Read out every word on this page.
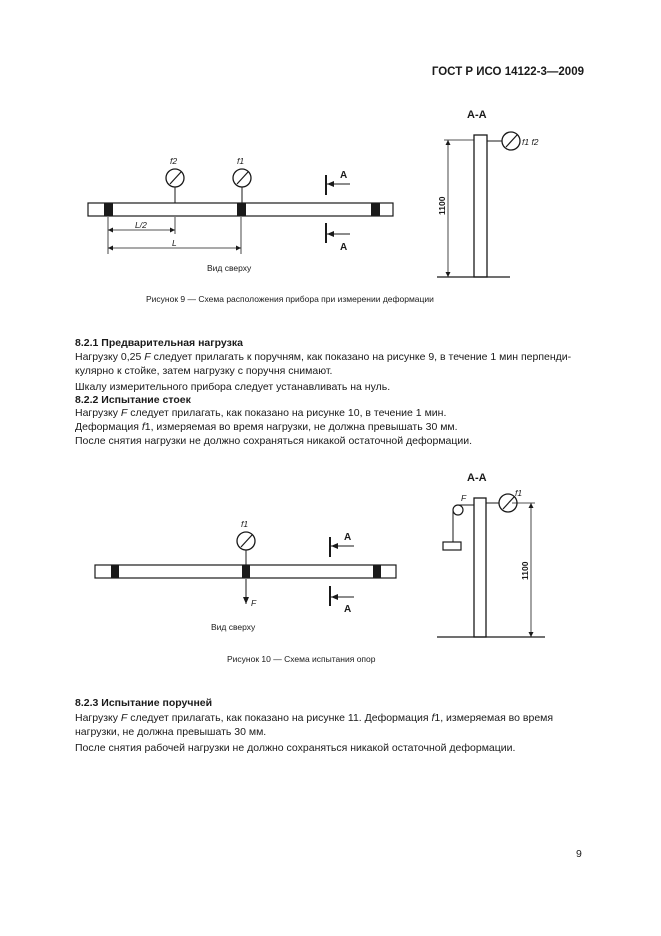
ГОСТ Р ИСО 14122-3—2009
f2	f1
L/2
L
А
А
Вид сверху
А-А
f1 f2
1100
f1
F
А
А
Вид сверху
А-А
F	f1
1100
Рисунок 9 — Схема расположения прибора при измерении деформации
8.2.1 Предварительная нагрузка
Нагрузку 0,25 F следует прилагать к поручням, как показано на рисунке 9, в течение 1 мин перпенди-
кулярно к стойке, затем нагрузку с поручня снимают.
Шкалу измерительного прибора следует устанавливать на нуль.
8.2.2 Испытание стоек
Нагрузку F следует прилагать, как показано на рисунке 10, в течение 1 мин.
Деформация f1, измеряемая во время нагрузки, не должна превышать 30 мм.
После снятия нагрузки не должно сохраняться никакой остаточной деформации.
Рисунок 10 — Схема испытания опор
8.2.3 Испытание поручней
Нагрузку F следует прилагать, как показано на рисунке 11. Деформация f1, измеряемая во время
нагрузки, не должна превышать 30 мм.
После снятия рабочей нагрузки не должно сохраняться никакой остаточной деформации.
9
